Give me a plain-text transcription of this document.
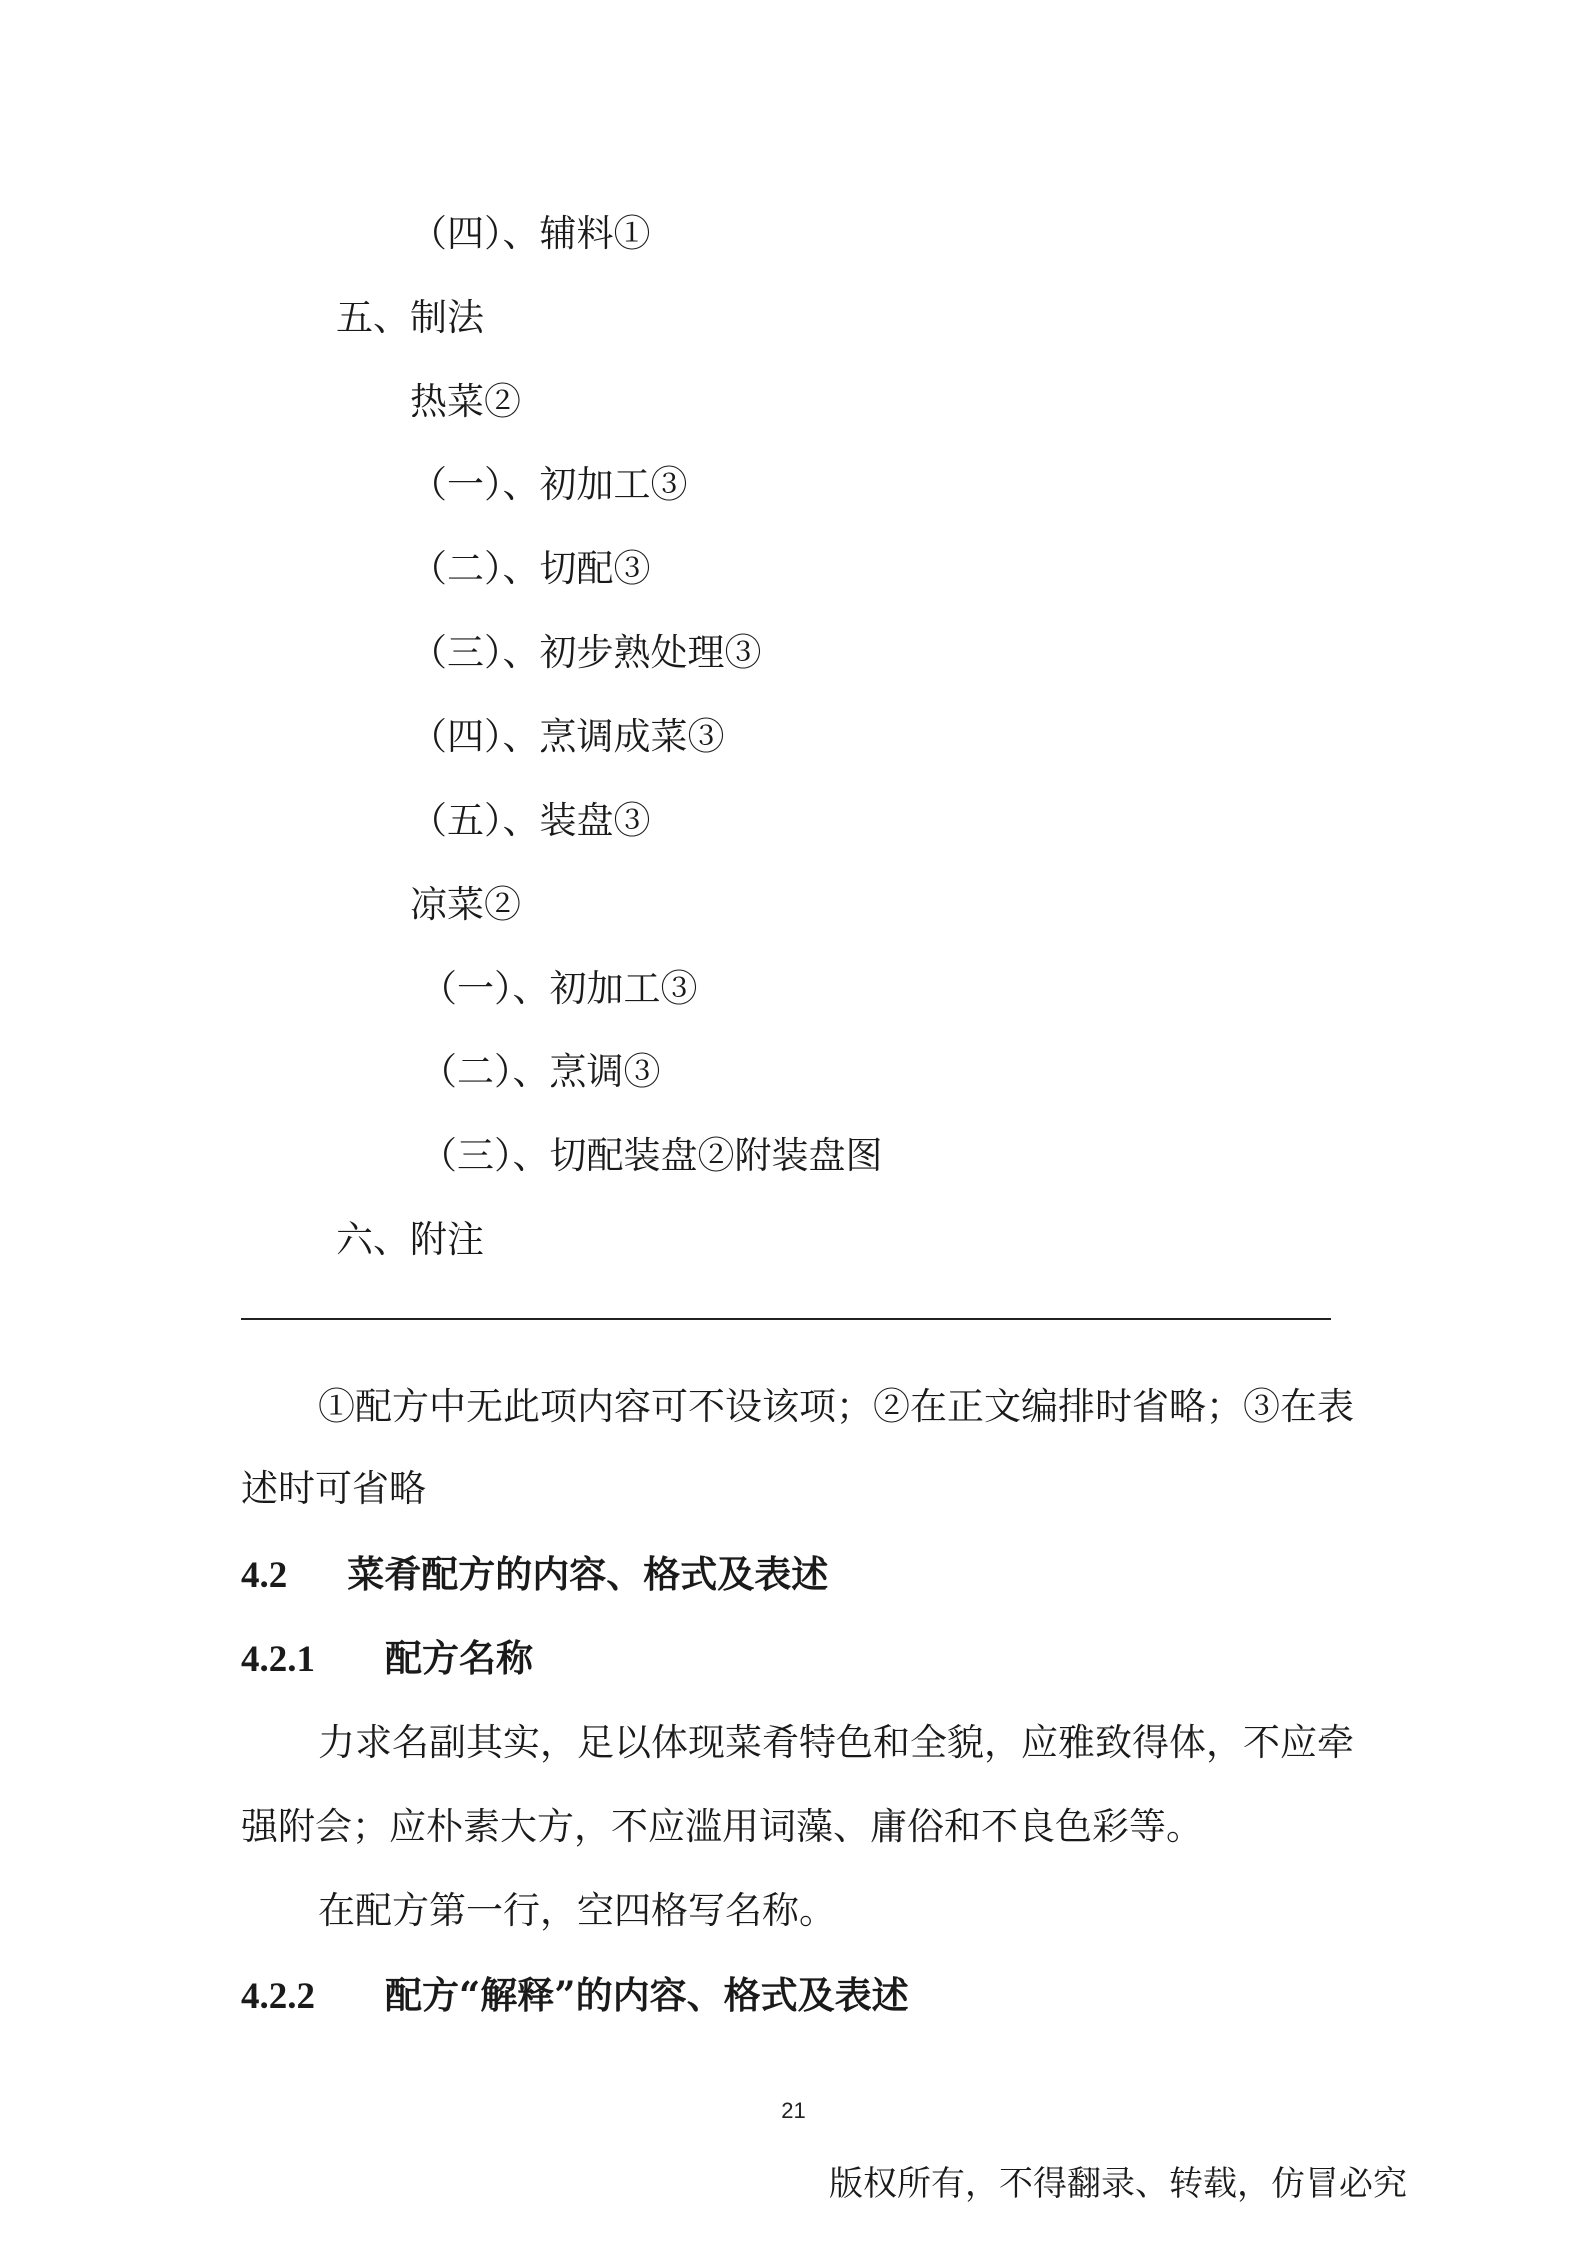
（四）、辅料①
五、制法
热菜②
（一）、初加工③
（二）、切配③
（三）、初步熟处理③
（四）、烹调成菜③
（五）、装盘③
凉菜②
（一）、初加工③
（二）、烹调③
（三）、切配装盘②附装盘图
六、附注
①配方中无此项内容可不设该项；②在正文编排时省略；③在表述时可省略
4.2 菜肴配方的内容、格式及表述
4.2.1 配方名称
力求名副其实，足以体现菜肴特色和全貌，应雅致得体，不应牵强附会；应朴素大方，不应滥用词藻、庸俗和不良色彩等。
在配方第一行，空四格写名称。
4.2.2 配方“解释”的内容、格式及表述
21
版权所有，不得翻录、转载，仿冒必究
